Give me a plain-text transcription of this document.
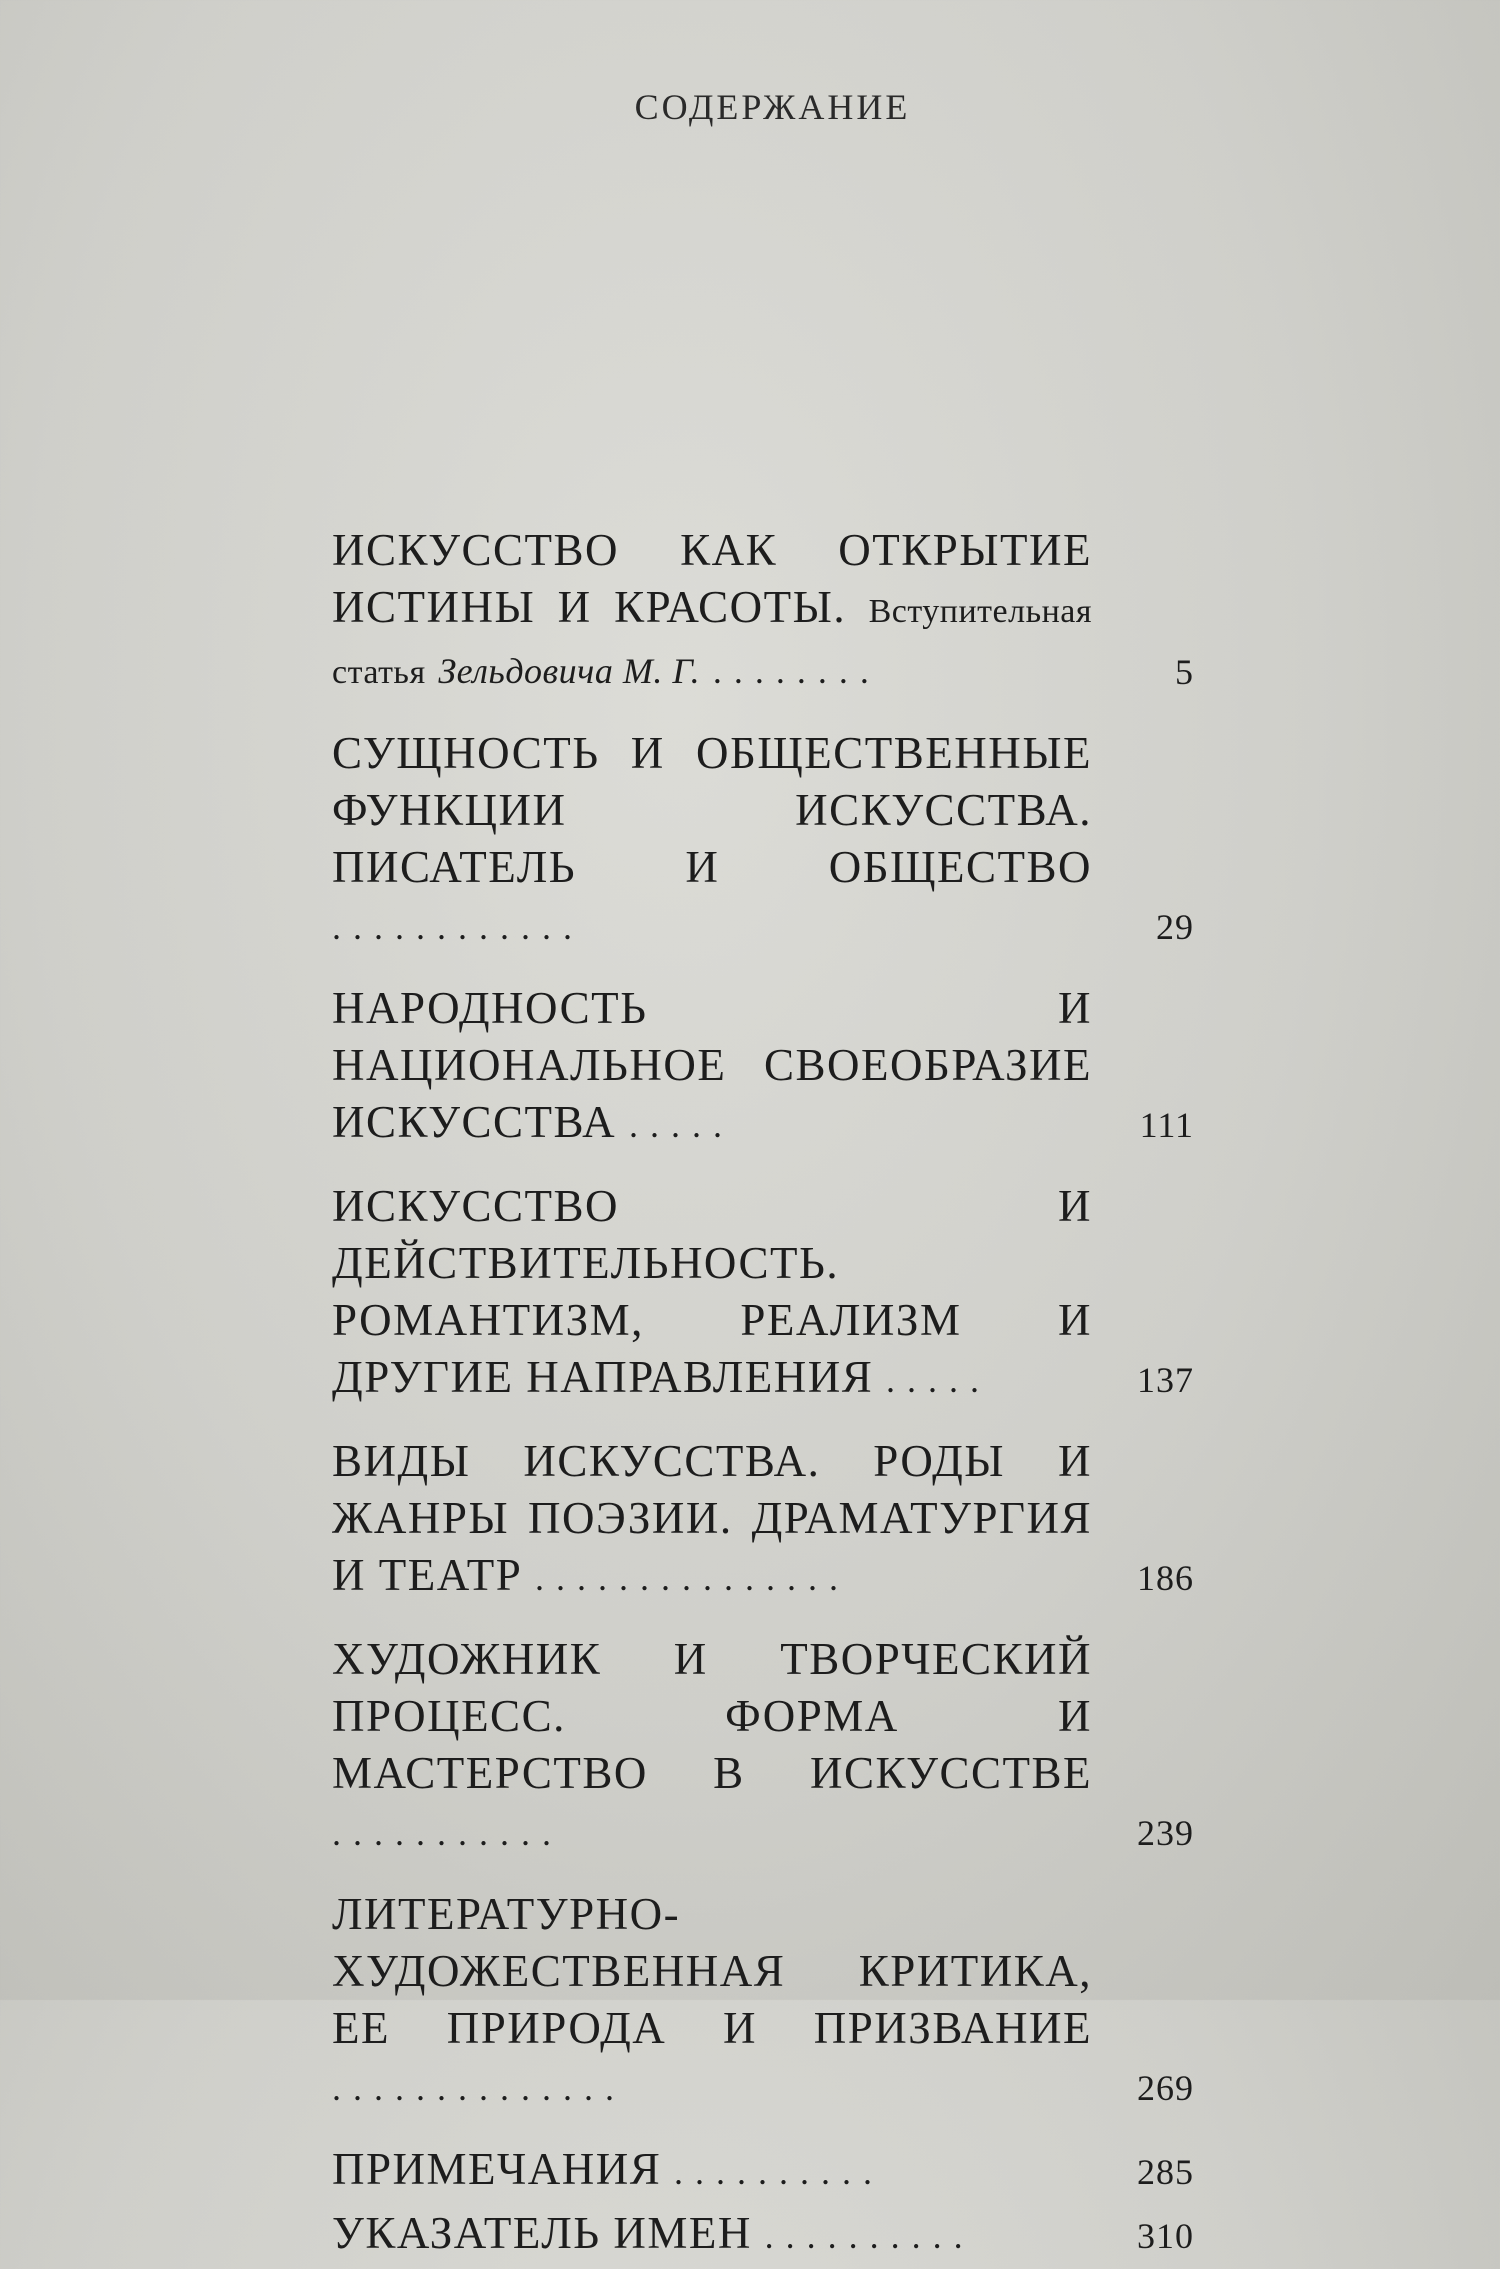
СОДЕРЖАНИЕ
ИСКУССТВО КАК ОТКРЫТИЕ ИСТИНЫ И КРАСОТЫ. Вступительная статья Зельдовича М. Г. ........	5
СУЩНОСТЬ И ОБЩЕСТВЕННЫЕ ФУНКЦИИ ИСКУССТВА. ПИСАТЕЛЬ И ОБЩЕСТВО ............	29
НАРОДНОСТЬ И НАЦИОНАЛЬНОЕ СВОЕОБРАЗИЕ ИСКУССТВА .....	111
ИСКУССТВО И ДЕЙСТВИТЕЛЬНОСТЬ. РОМАНТИЗМ, РЕАЛИЗМ И ДРУГИЕ НАПРАВЛЕНИЯ .....	137
ВИДЫ ИСКУССТВА. РОДЫ И ЖАНРЫ ПОЭЗИИ. ДРАМАТУРГИЯ И ТЕАТР ...............	186
ХУДОЖНИК И ТВОРЧЕСКИЙ ПРОЦЕСС. ФОРМА И МАСТЕРСТВО В ИСКУССТВЕ ...........	239
ЛИТЕРАТУРНО-ХУДОЖЕСТВЕННАЯ КРИТИКА, ЕЕ ПРИРОДА И ПРИЗВАНИЕ ..............	269
ПРИМЕЧАНИЯ ..........	285
УКАЗАТЕЛЬ ИМЕН ..........	310
